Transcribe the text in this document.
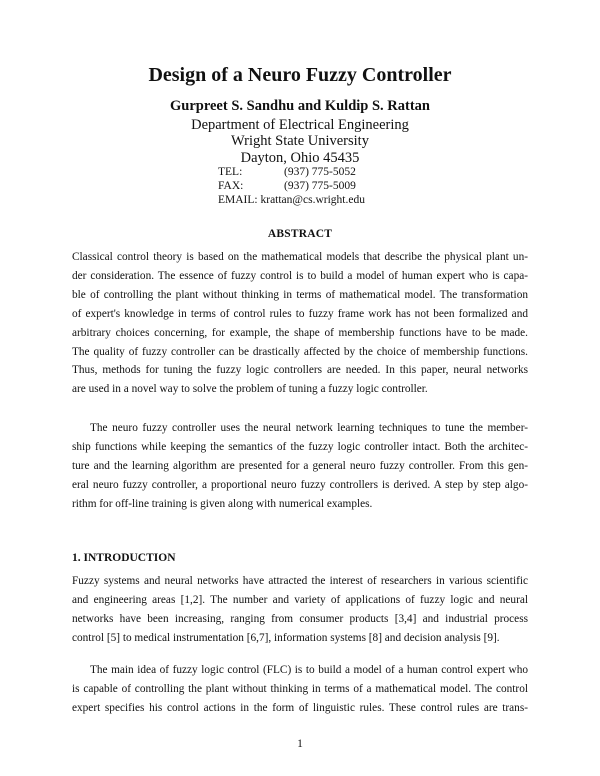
Design of a Neuro Fuzzy Controller
Gurpreet S. Sandhu and Kuldip S. Rattan
Department of Electrical Engineering
Wright State University
Dayton, Ohio 45435
TEL:	(937) 775-5052
FAX:	(937) 775-5009
EMAIL: krattan@cs.wright.edu
ABSTRACT
Classical control theory is based on the mathematical models that describe the physical plant un-
der consideration. The essence of fuzzy control is to build a model of human expert who is capa-
ble of controlling the plant without thinking in terms of mathematical model. The transformation
of expert's knowledge in terms of control rules to fuzzy frame work has not been formalized and
arbitrary choices concerning, for example, the shape of membership functions have to be made.
The quality of fuzzy controller can be drastically affected by the choice of membership functions.
Thus, methods for tuning the fuzzy logic controllers are needed. In this paper, neural networks
are used in a novel way to solve the problem of tuning a fuzzy logic controller.
The neuro fuzzy controller uses the neural network learning techniques to tune the member-
ship functions while keeping the semantics of the fuzzy logic controller intact. Both the architec-
ture and the learning algorithm are presented for a general neuro fuzzy controller. From this gen-
eral neuro fuzzy controller, a proportional neuro fuzzy controllers is derived. A step by step algo-
rithm for off-line training is given along with numerical examples.
1. INTRODUCTION
Fuzzy systems and neural networks have attracted the interest of researchers in various scientific
and engineering areas [1,2]. The number and variety of applications of fuzzy logic and neural
networks have been increasing, ranging from consumer products [3,4] and industrial process
control [5] to medical instrumentation [6,7], information systems [8] and decision analysis [9].
The main idea of fuzzy logic control (FLC) is to build a model of a human control expert who
is capable of controlling the plant without thinking in terms of a mathematical model. The control
expert specifies his control actions in the form of linguistic rules. These control rules are trans-
1
